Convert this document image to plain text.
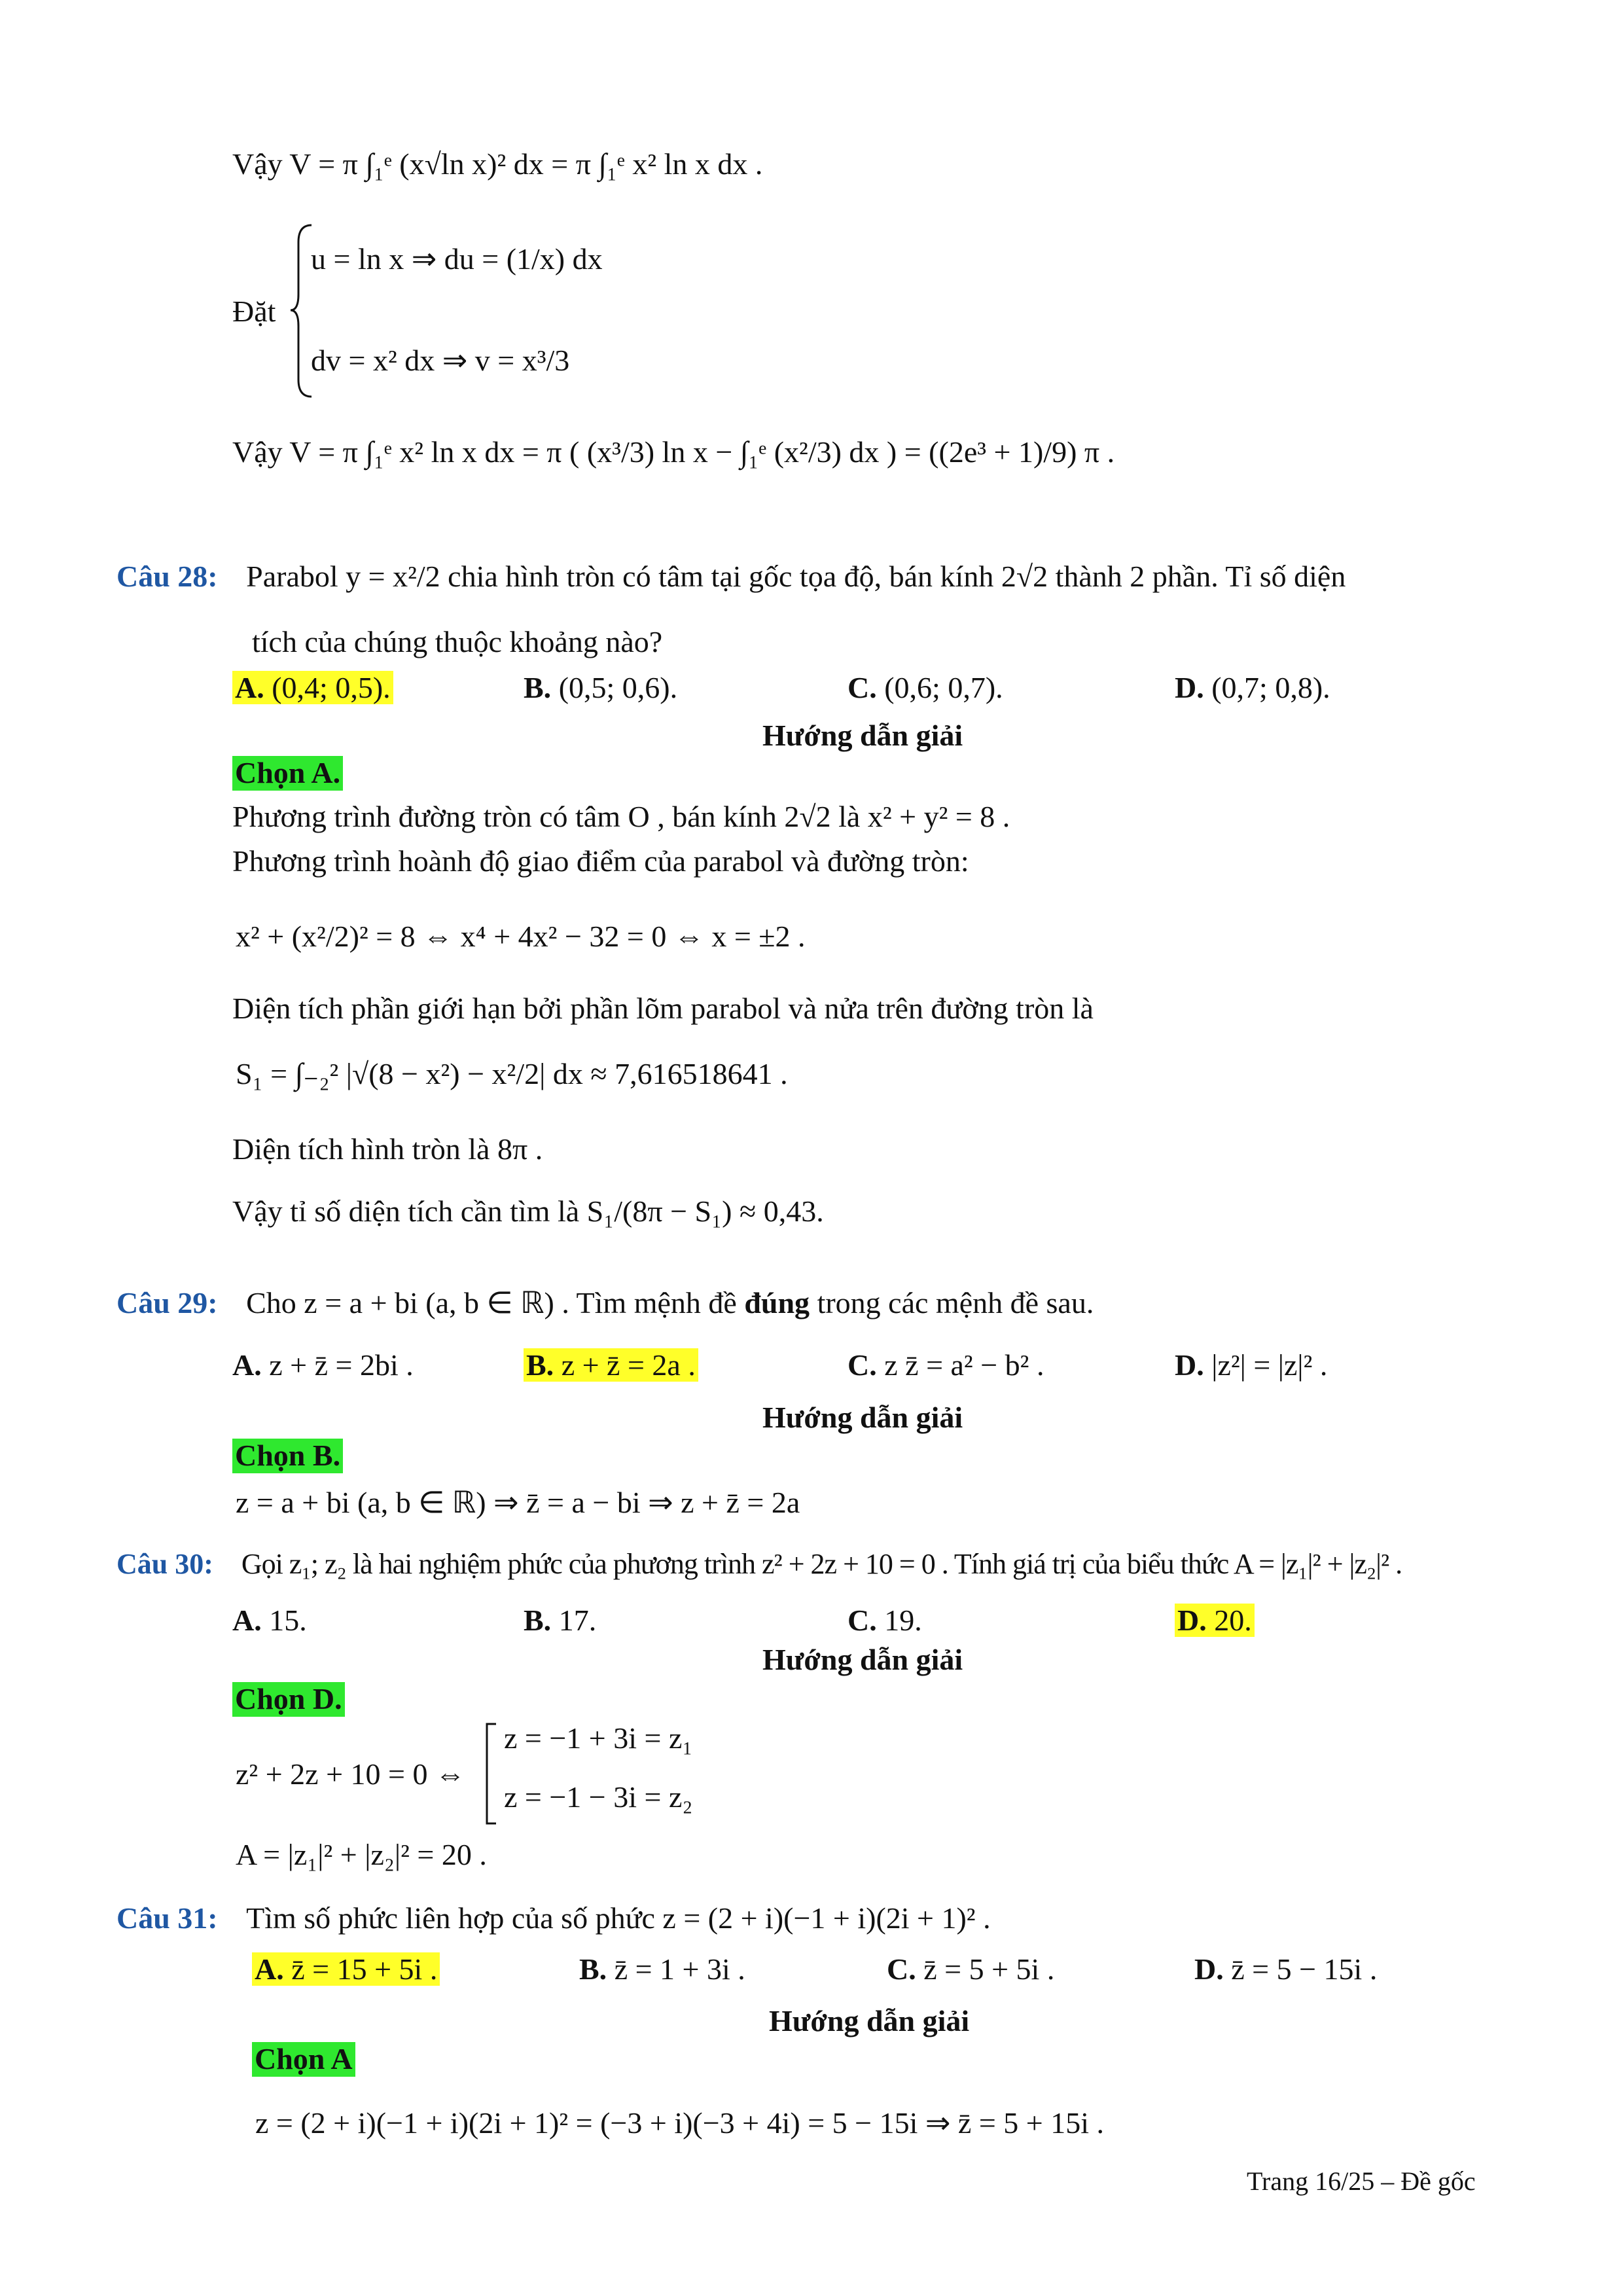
Vậy V = π ∫₁ᵉ (x√ln x)² dx = π ∫₁ᵉ x² ln x dx .
Đặt
u = ln x ⇒ du = (1/x) dx
dv = x² dx ⇒ v = x³/3
Vậy V = π ∫₁ᵉ x² ln x dx = π ( (x³/3) ln x − ∫₁ᵉ (x²/3) dx ) = ((2e³ + 1)/9) π .
Câu 28: Parabol y = x²/2 chia hình tròn có tâm tại gốc tọa độ, bán kính 2√2 thành 2 phần. Tỉ số diện
tích của chúng thuộc khoảng nào?
A. (0,4; 0,5).	B. (0,5; 0,6).	C. (0,6; 0,7).	D. (0,7; 0,8).
Hướng dẫn giải
Chọn A.
Phương trình đường tròn có tâm O , bán kính 2√2 là x² + y² = 8 .
Phương trình hoành độ giao điểm của parabol và đường tròn:
x² + (x²/2)² = 8 ⇔ x⁴ + 4x² − 32 = 0 ⇔ x = ±2 .
Diện tích phần giới hạn bởi phần lõm parabol và nửa trên đường tròn là
S₁ = ∫₋₂² |√(8 − x²) − x²/2| dx ≈ 7,616518641 .
Diện tích hình tròn là 8π .
Vậy tỉ số diện tích cần tìm là S₁/(8π − S₁) ≈ 0,43.
Câu 29: Cho z = a + bi (a, b ∈ ℝ) . Tìm mệnh đề đúng trong các mệnh đề sau.
A. z + z̄ = 2bi .	B. z + z̄ = 2a .	C. z z̄ = a² − b² .	D. |z²| = |z|² .
Hướng dẫn giải
Chọn B.
z = a + bi (a, b ∈ ℝ) ⇒ z̄ = a − bi ⇒ z + z̄ = 2a
Câu 30: Gọi z₁; z₂ là hai nghiệm phức của phương trình z² + 2z + 10 = 0 . Tính giá trị của biểu thức A = |z₁|² + |z₂|² .
A. 15.	B. 17.	C. 19.	D. 20.
Hướng dẫn giải
Chọn D.
z² + 2z + 10 = 0 ⇔
z = −1 + 3i = z₁
z = −1 − 3i = z₂
A = |z₁|² + |z₂|² = 20 .
Câu 31: Tìm số phức liên hợp của số phức z = (2 + i)(−1 + i)(2i + 1)² .
A. z̄ = 15 + 5i .	B. z̄ = 1 + 3i .	C. z̄ = 5 + 5i .	D. z̄ = 5 − 15i .
Hướng dẫn giải
Chọn A
z = (2 + i)(−1 + i)(2i + 1)² = (−3 + i)(−3 + 4i) = 5 − 15i ⇒ z̄ = 5 + 15i .
Trang 16/25 – Đề gốc
